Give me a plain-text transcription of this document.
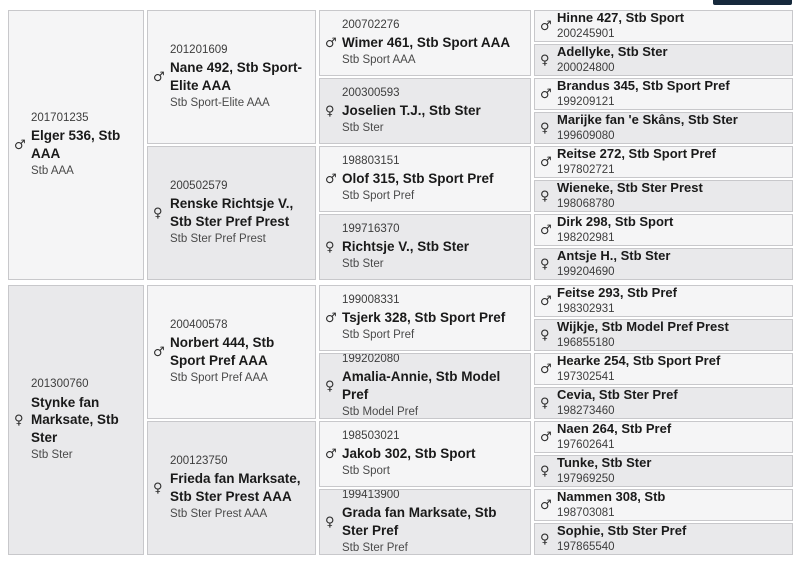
201701235
♂
Elger 536, Stb AAA
Stb AAA
201300760
♀
Stynke fan Marksate, Stb Ster
Stb Ster
201201609
♂
Nane 492, Stb Sport-Elite AAA
Stb Sport-Elite AAA
200502579
♀
Renske Richtsje V., Stb Ster Pref Prest
Stb Ster Pref Prest
200400578
♂
Norbert 444, Stb Sport Pref AAA
Stb Sport Pref AAA
200123750
♀
Frieda fan Marksate, Stb Ster Prest AAA
Stb Ster Prest AAA
200702276
♂ Wimer 461, Stb Sport AAA
Stb Sport AAA
200300593
♀ Joselien T.J., Stb Ster
Stb Ster
198803151
♂ Olof 315, Stb Sport Pref
Stb Sport Pref
199716370
♀ Richtsje V., Stb Ster
Stb Ster
199008331
♂ Tsjerk 328, Stb Sport Pref
Stb Sport Pref
199202080
♀
Amalia-Annie, Stb Model Pref
Stb Model Pref
198503021
♂ Jakob 302, Stb Sport
Stb Sport
199413900
♀
Grada fan Marksate, Stb Ster Pref
Stb Ster Pref
♂
Hinne 427, Stb Sport
200245901
♀
Adellyke, Stb Ster
200024800
♂
Brandus 345, Stb Sport Pref
199209121
♀
Marijke fan 'e Skâns, Stb Ster
199609080
♂
Reitse 272, Stb Sport Pref
197802721
♀
Wieneke, Stb Ster Prest
198068780
♂
Dirk 298, Stb Sport
198202981
♀
Antsje H., Stb Ster
199204690
♂
Feitse 293, Stb Pref
198302931
♀
Wijkje, Stb Model Pref Prest
196855180
♂
Hearke 254, Stb Sport Pref
197302541
♀
Cevia, Stb Ster Pref
198273460
♂
Naen 264, Stb Pref
197602641
♀
Tunke, Stb Ster
197969250
♂
Nammen 308, Stb
198703081
♀
Sophie, Stb Ster Pref
197865540
